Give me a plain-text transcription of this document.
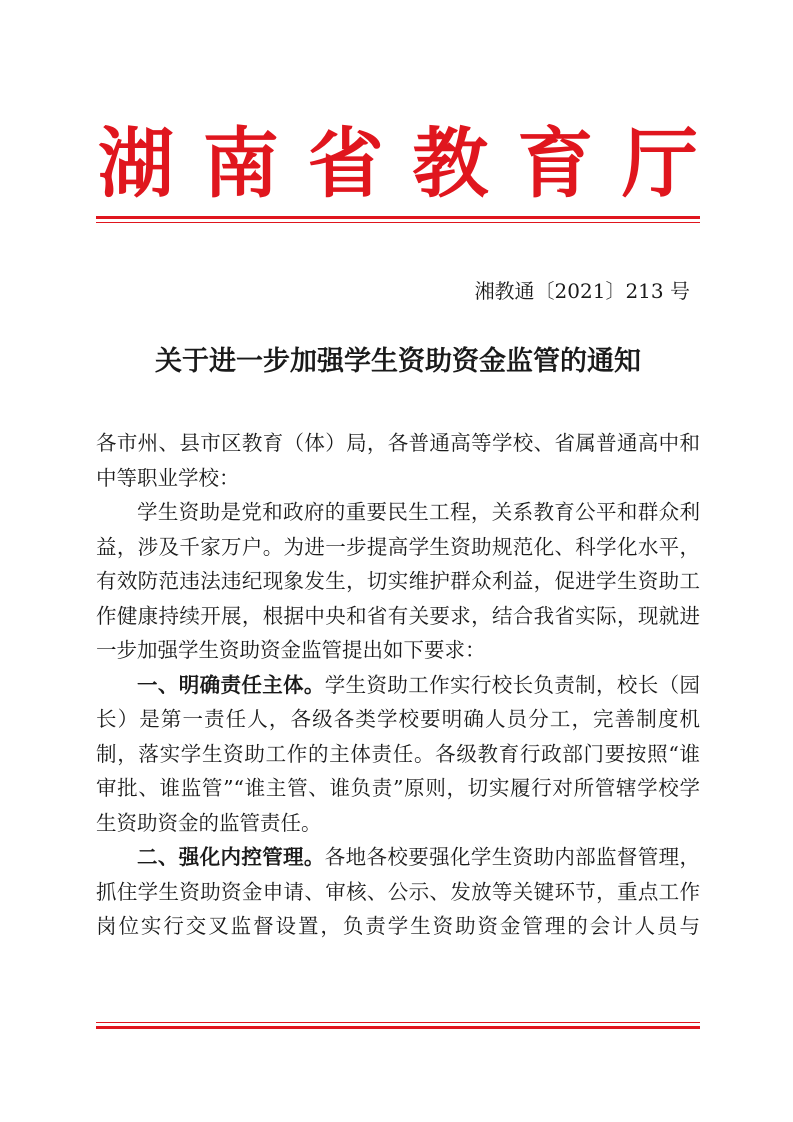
湖 南 省 教 育 厅
湘教通〔2021〕213 号
关于进一步加强学生资助资金监管的通知

各市州、县市区教育（体）局，各普通高等学校、省属普通高中和中等职业学校：

学生资助是党和政府的重要民生工程，关系教育公平和群众利益，涉及千家万户。为进一步提高学生资助规范化、科学化水平，有效防范违法违纪现象发生，切实维护群众利益，促进学生资助工作健康持续开展，根据中央和省有关要求，结合我省实际，现就进一步加强学生资助资金监管提出如下要求：

一、明确责任主体。学生资助工作实行校长负责制，校长（园长）是第一责任人，各级各类学校要明确人员分工，完善制度机制，落实学生资助工作的主体责任。各级教育行政部门要按照“谁审批、谁监管”“谁主管、谁负责”原则，切实履行对所管辖学校学生资助资金的监管责任。

二、强化内控管理。各地各校要强化学生资助内部监督管理，抓住学生资助资金申请、审核、公示、发放等关键环节，重点工作岗位实行交叉监督设置，负责学生资助资金管理的会计人员与
